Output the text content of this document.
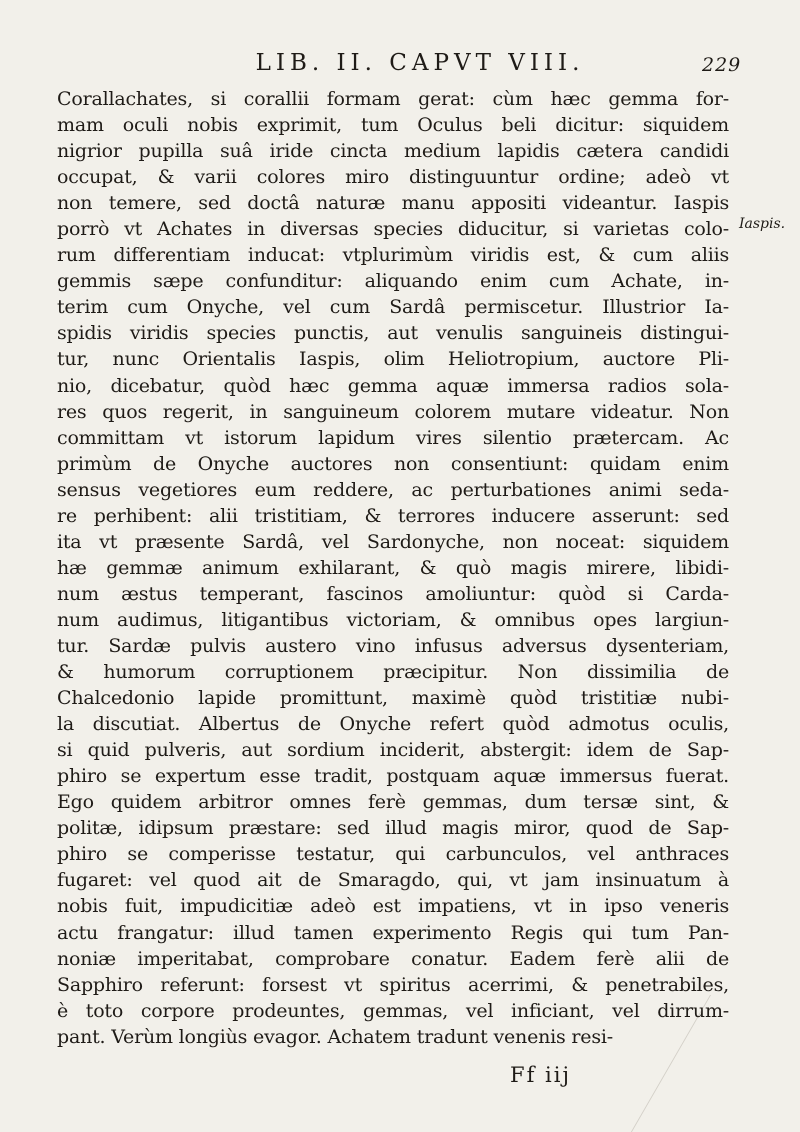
LIB. II. CAPVT VIII.	229
Iaspis.
Corallachates, si corallii formam gerat: cùm hæc gemma for-
mam oculi nobis exprimit, tum Oculus beli dicitur: siquidem
nigrior pupilla suâ iride cincta medium lapidis cætera candidi
occupat, & varii colores miro distinguuntur ordine; adeò vt
non temere, sed doctâ naturæ manu appositi videantur. Iaspis
porrò vt Achates in diversas species diducitur, si varietas colo-
rum differentiam inducat: vtplurimùm viridis est, & cum aliis
gemmis sæpe confunditur: aliquando enim cum Achate, in-
terim cum Onyche, vel cum Sardâ permiscetur. Illustrior Ia-
spidis viridis species punctis, aut venulis sanguineis distingui-
tur, nunc Orientalis Iaspis, olim Heliotropium, auctore Pli-
nio, dicebatur, quòd hæc gemma aquæ immersa radios sola-
res quos regerit, in sanguineum colorem mutare videatur. Non
committam vt istorum lapidum vires silentio prætercam. Ac
primùm de Onyche auctores non consentiunt: quidam enim
sensus vegetiores eum reddere, ac perturbationes animi seda-
re perhibent: alii tristitiam, & terrores inducere asserunt: sed
ita vt præsente Sardâ, vel Sardonyche, non noceat: siquidem
hæ gemmæ animum exhilarant, & quò magis mirere, libidi-
num æstus temperant, fascinos amoliuntur: quòd si Carda-
num audimus, litigantibus victoriam, & omnibus opes largiun-
tur. Sardæ pulvis austero vino infusus adversus dysenteriam,
& humorum corruptionem præcipitur. Non dissimilia de
Chalcedonio lapide promittunt, maximè quòd tristitiæ nubi-
la discutiat. Albertus de Onyche refert quòd admotus oculis,
si quid pulveris, aut sordium inciderit, abstergit: idem de Sap-
phiro se expertum esse tradit, postquam aquæ immersus fuerat.
Ego quidem arbitror omnes ferè gemmas, dum tersæ sint, &
politæ, idipsum præstare: sed illud magis miror, quod de Sap-
phiro se comperisse testatur, qui carbunculos, vel anthraces
fugaret: vel quod ait de Smaragdo, qui, vt jam insinuatum à
nobis fuit, impudicitiæ adeò est impatiens, vt in ipso veneris
actu frangatur: illud tamen experimento Regis qui tum Pan-
noniæ imperitabat, comprobare conatur. Eadem ferè alii de
Sapphiro referunt: forsest vt spiritus acerrimi, & penetrabiles,
è toto corpore prodeuntes, gemmas, vel inficiant, vel dirrum-
pant. Verùm longiùs evagor. Achatem tradunt venenis resi-
Ff iij
